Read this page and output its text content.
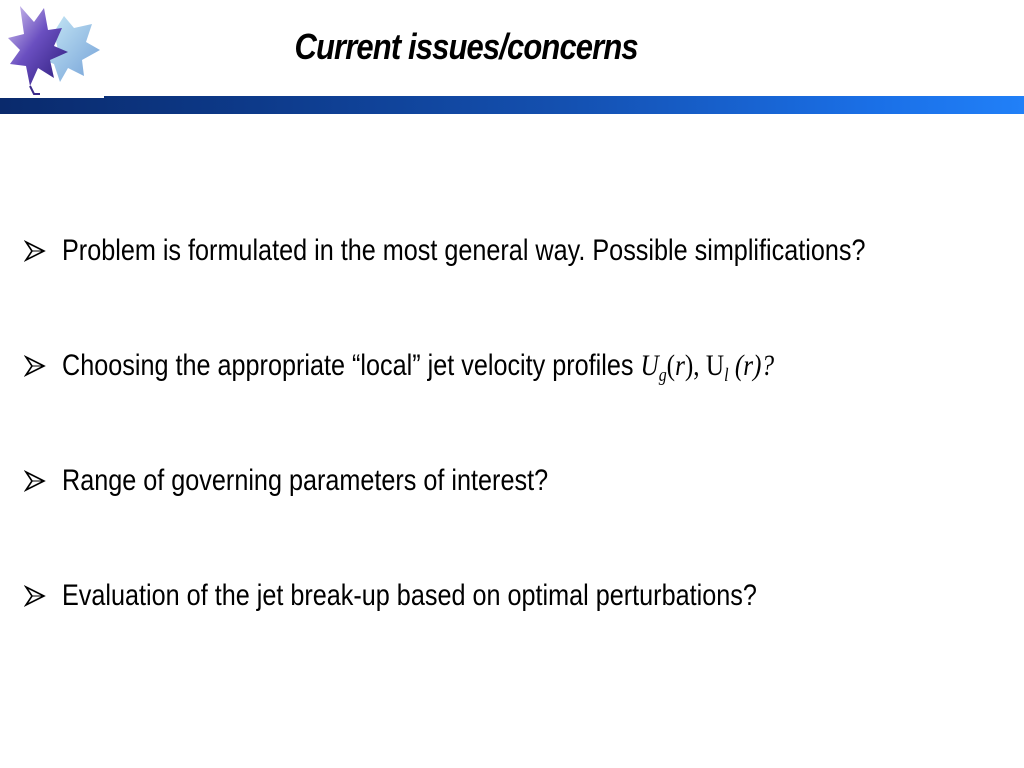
Current issues/concerns
Problem is formulated in the most general way. Possible simplifications?
Choosing the appropriate “local” jet velocity profiles $U_g(r)$, $U_l$ (r)?
Range of governing parameters of interest?
Evaluation of the jet break-up based on optimal perturbations?
